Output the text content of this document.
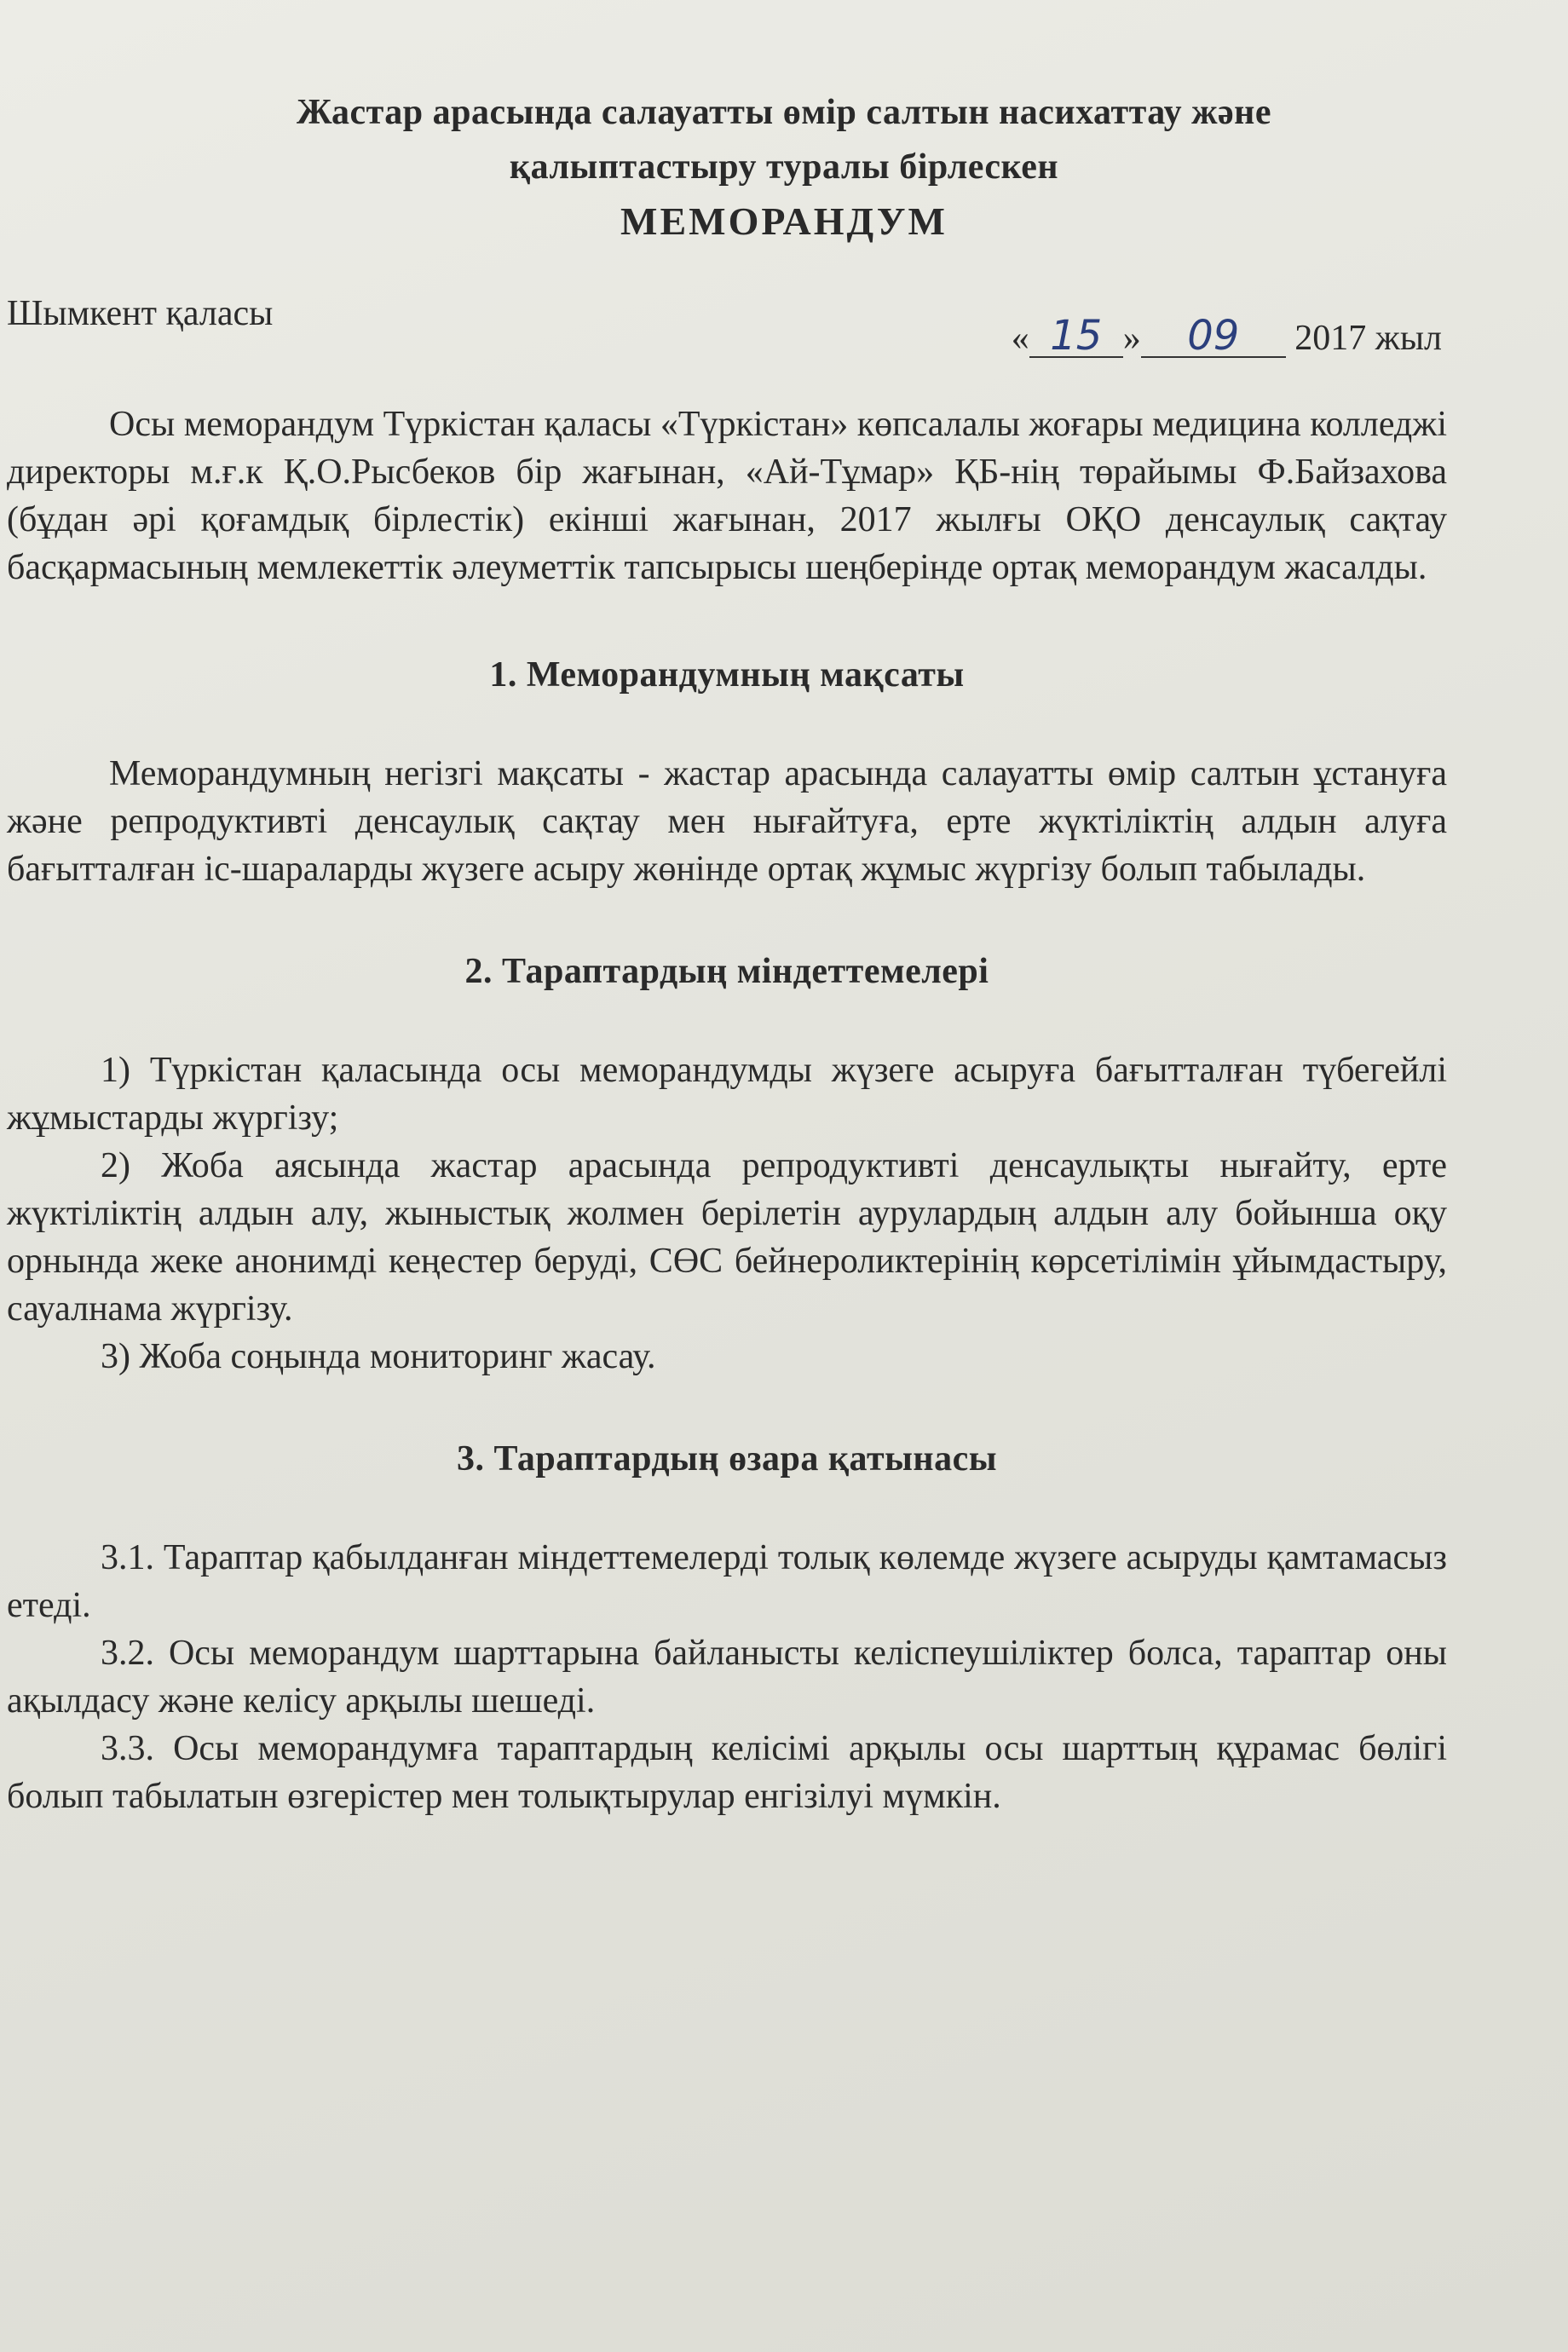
Жастар арасында салауатты өмір салтын насихаттау және
қалыптастыру туралы бірлескен
МЕМОРАНДУМ
Шымкент қаласы
« 15 » 09 2017 жыл

Осы меморандум Түркістан қаласы «Түркістан» көпсалалы жоғары медицина колледжі директоры м.ғ.к Қ.О.Рысбеков бір жағынан, «Ай-Тұмар» ҚБ-нің төрайымы Ф.Байзахова (бұдан әрі қоғамдық бірлестік) екінші жағынан, 2017 жылғы ОҚО денсаулық сақтау басқармасының мемлекеттік әлеуметтік тапсырысы шеңберінде ортақ меморандум жасалды.

1. Меморандумның мақсаты

Меморандумның негізгі мақсаты - жастар арасында салауатты өмір салтын ұстануға және репродуктивті денсаулық сақтау мен нығайтуға, ерте жүктіліктің алдын алуға бағытталған іс-шараларды жүзеге асыру жөнінде ортақ жұмыс жүргізу болып табылады.

2. Тараптардың міндеттемелері

1) Түркістан қаласында осы меморандумды жүзеге асыруға бағытталған түбегейлі жұмыстарды жүргізу;

2) Жоба аясында жастар арасында репродуктивті денсаулықты нығайту, ерте жүктіліктің алдын алу, жыныстық жолмен берілетін аурулардың алдын алу бойынша оқу орнында жеке анонимді кеңестер беруді, СӨС бейнероликтерінің көрсетілімін ұйымдастыру, сауалнама жүргізу.

3) Жоба соңында мониторинг жасау.

3. Тараптардың өзара қатынасы

3.1. Тараптар қабылданған міндеттемелерді толық көлемде жүзеге асыруды қамтамасыз етеді.

3.2. Осы меморандум шарттарына байланысты келіспеушіліктер болса, тараптар оны ақылдасу және келісу арқылы шешеді.

3.3. Осы меморандумға тараптардың келісімі арқылы осы шарттың құрамас бөлігі болып табылатын өзгерістер мен толықтырулар енгізілуі мүмкін.
